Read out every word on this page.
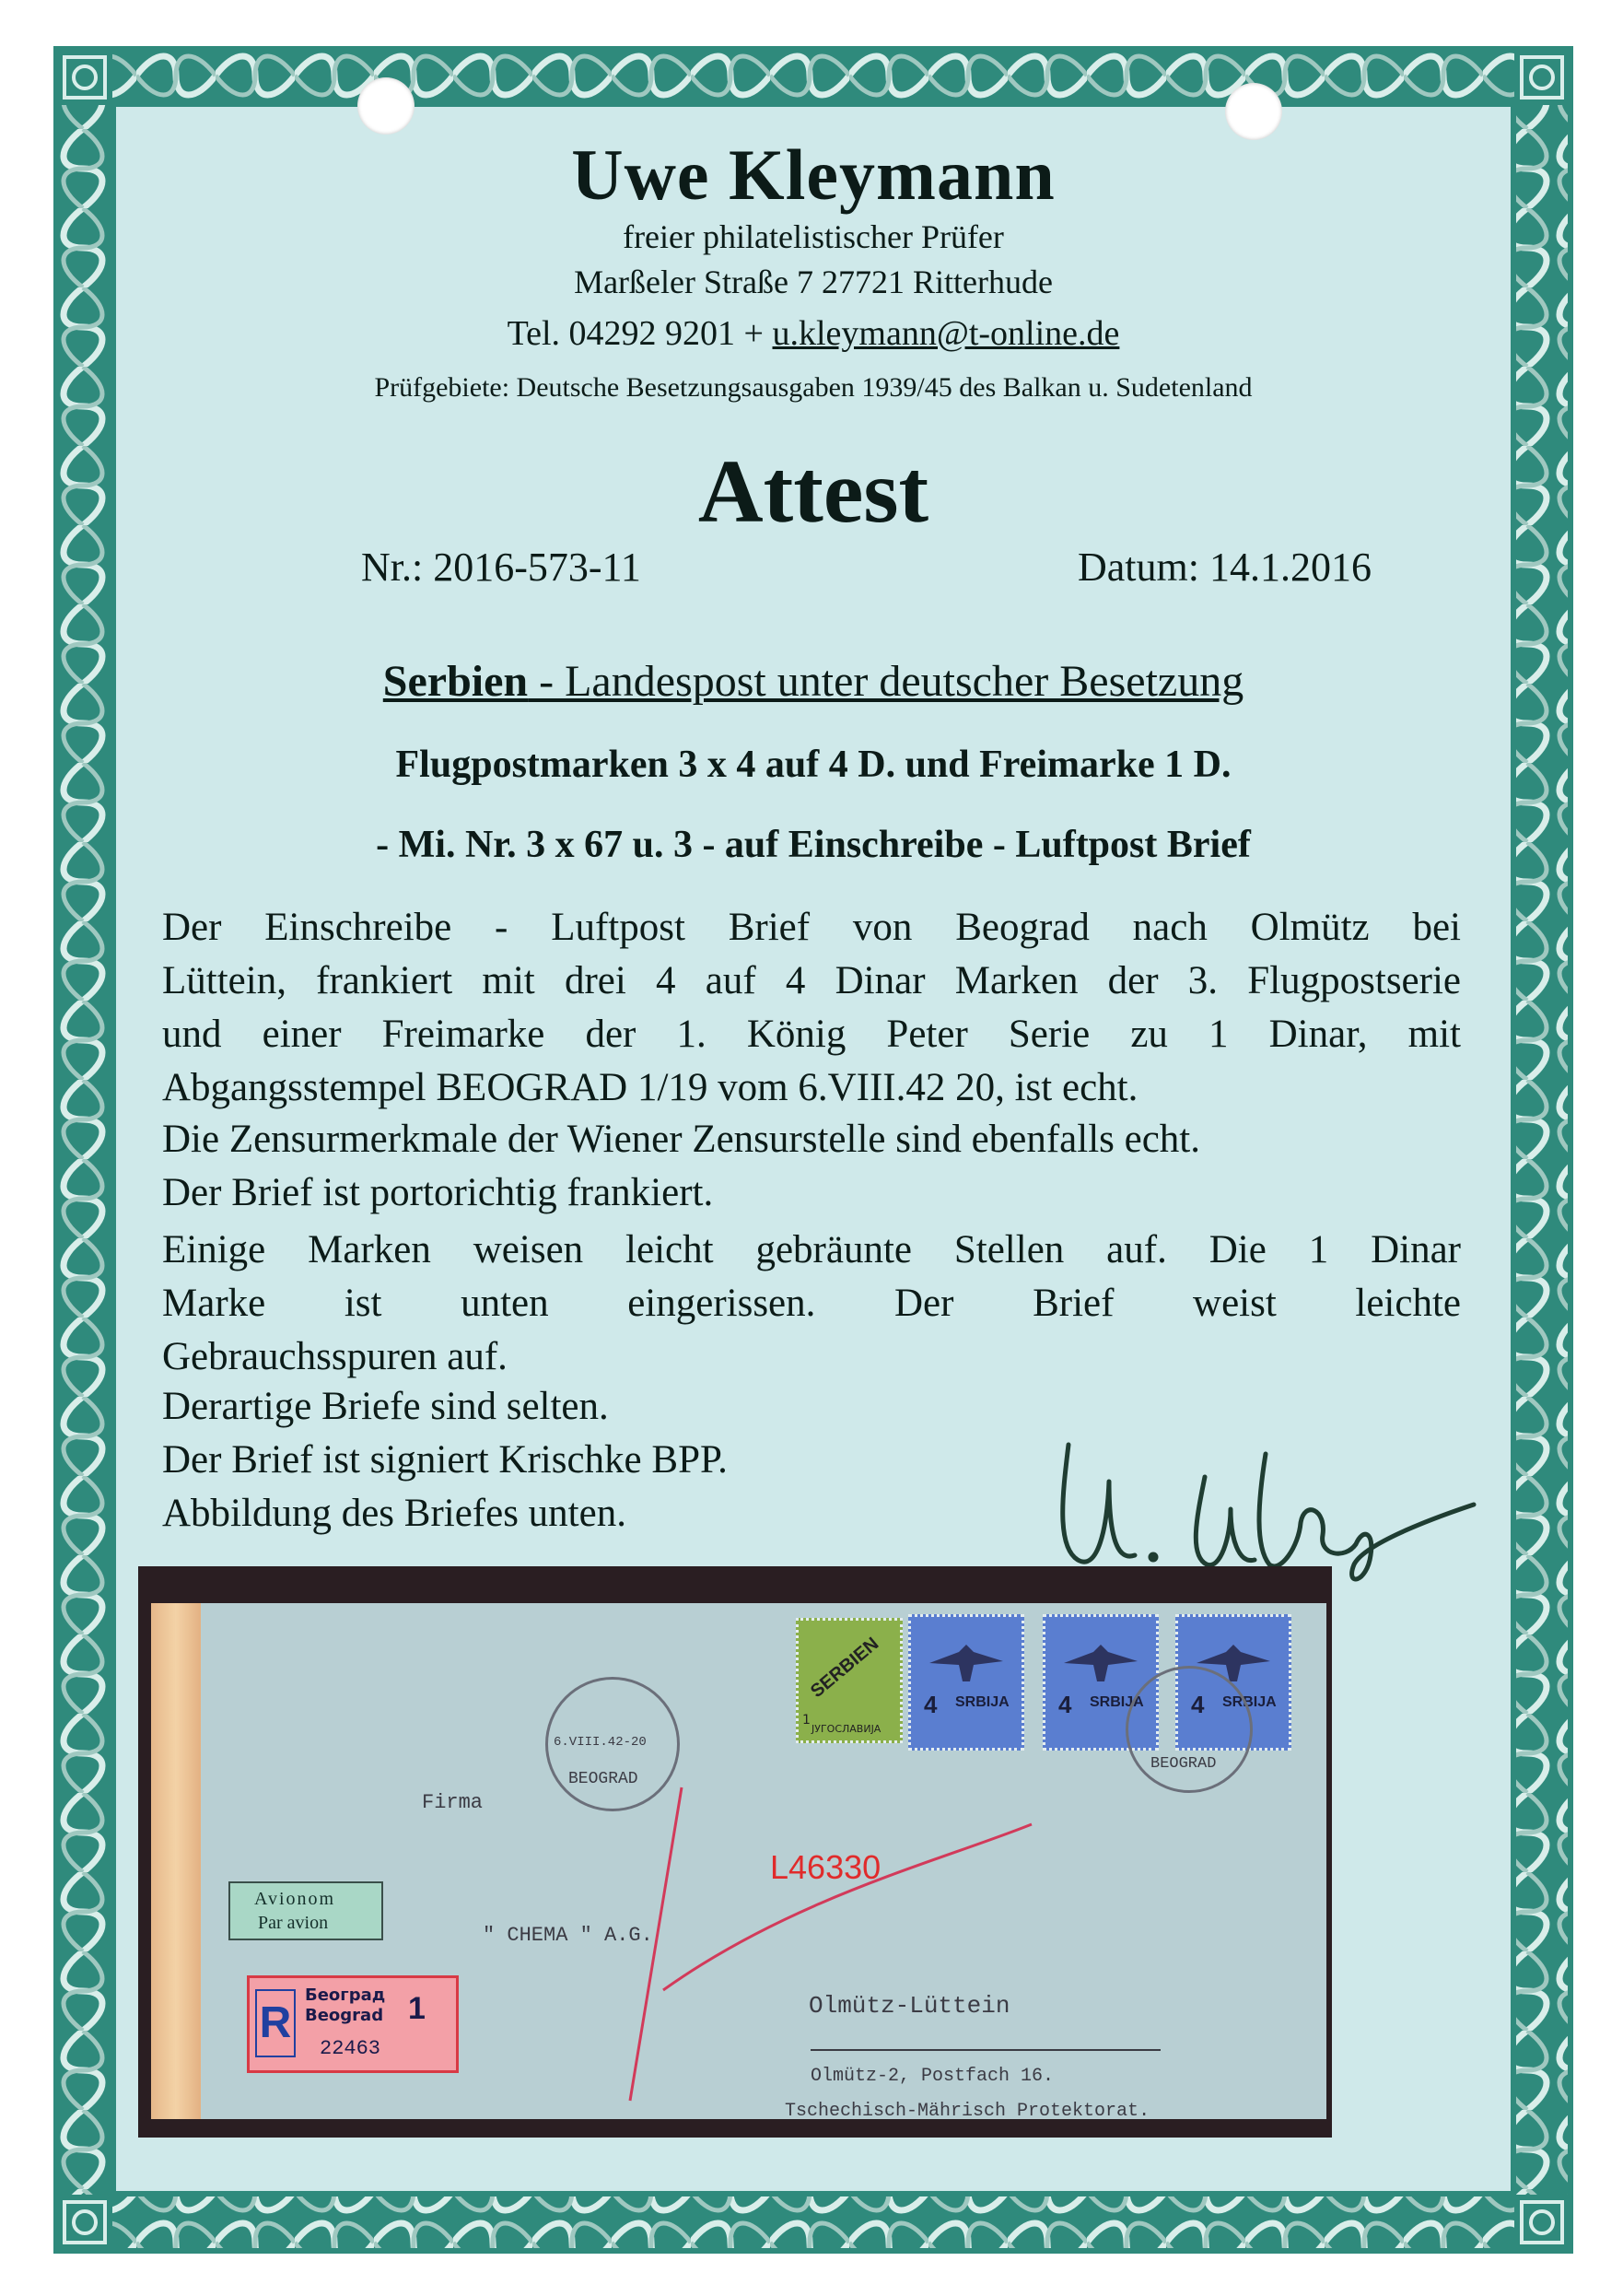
Uwe Kleymann
freier philatelistischer Prüfer
Marßeler Straße 7 27721 Ritterhude
Tel. 04292 9201 + u.kleymann@t-online.de
Prüfgebiete: Deutsche Besetzungsausgaben 1939/45 des Balkan u. Sudetenland
Attest
Nr.: 2016-573-11	Datum: 14.1.2016
Serbien - Landespost unter deutscher Besetzung
Flugpostmarken 3 x 4 auf 4 D. und Freimarke 1 D.
- Mi. Nr. 3 x 67 u. 3 - auf Einschreibe - Luftpost Brief
Der Einschreibe - Luftpost Brief von Beograd nach Olmütz bei
Lüttein, frankiert mit drei 4 auf 4 Dinar Marken der 3. Flugpostserie
und einer Freimarke der 1. König Peter Serie zu 1 Dinar, mit
Abgangsstempel BEOGRAD 1/19 vom 6.VIII.42 20, ist echt.
Die Zensurmerkmale der Wiener Zensurstelle sind ebenfalls echt.
Der Brief ist portorichtig frankiert.
Einige Marken weisen leicht gebräunte Stellen auf. Die 1 Dinar
Marke ist unten eingerissen. Der Brief weist leichte
Gebrauchsspuren auf.
Derartige Briefe sind selten.
Der Brief ist signiert Krischke BPP.
Abbildung des Briefes unten.
SERBIEN
ЈУГОСЛАВИЈА
1
SRBIJA
4	SRBIJA
4	SRBIJA
4
BEOGRAD
6.VIII.42-20
BEOGRAD
Firma
L46330
" CHEMA " A.G.
Olmütz-Lüttein
Olmütz-2, Postfach 16.
Tschechisch-Mährisch Protektorat.
Avionom
Par avion
R
Београд
Beograd 1
22463
